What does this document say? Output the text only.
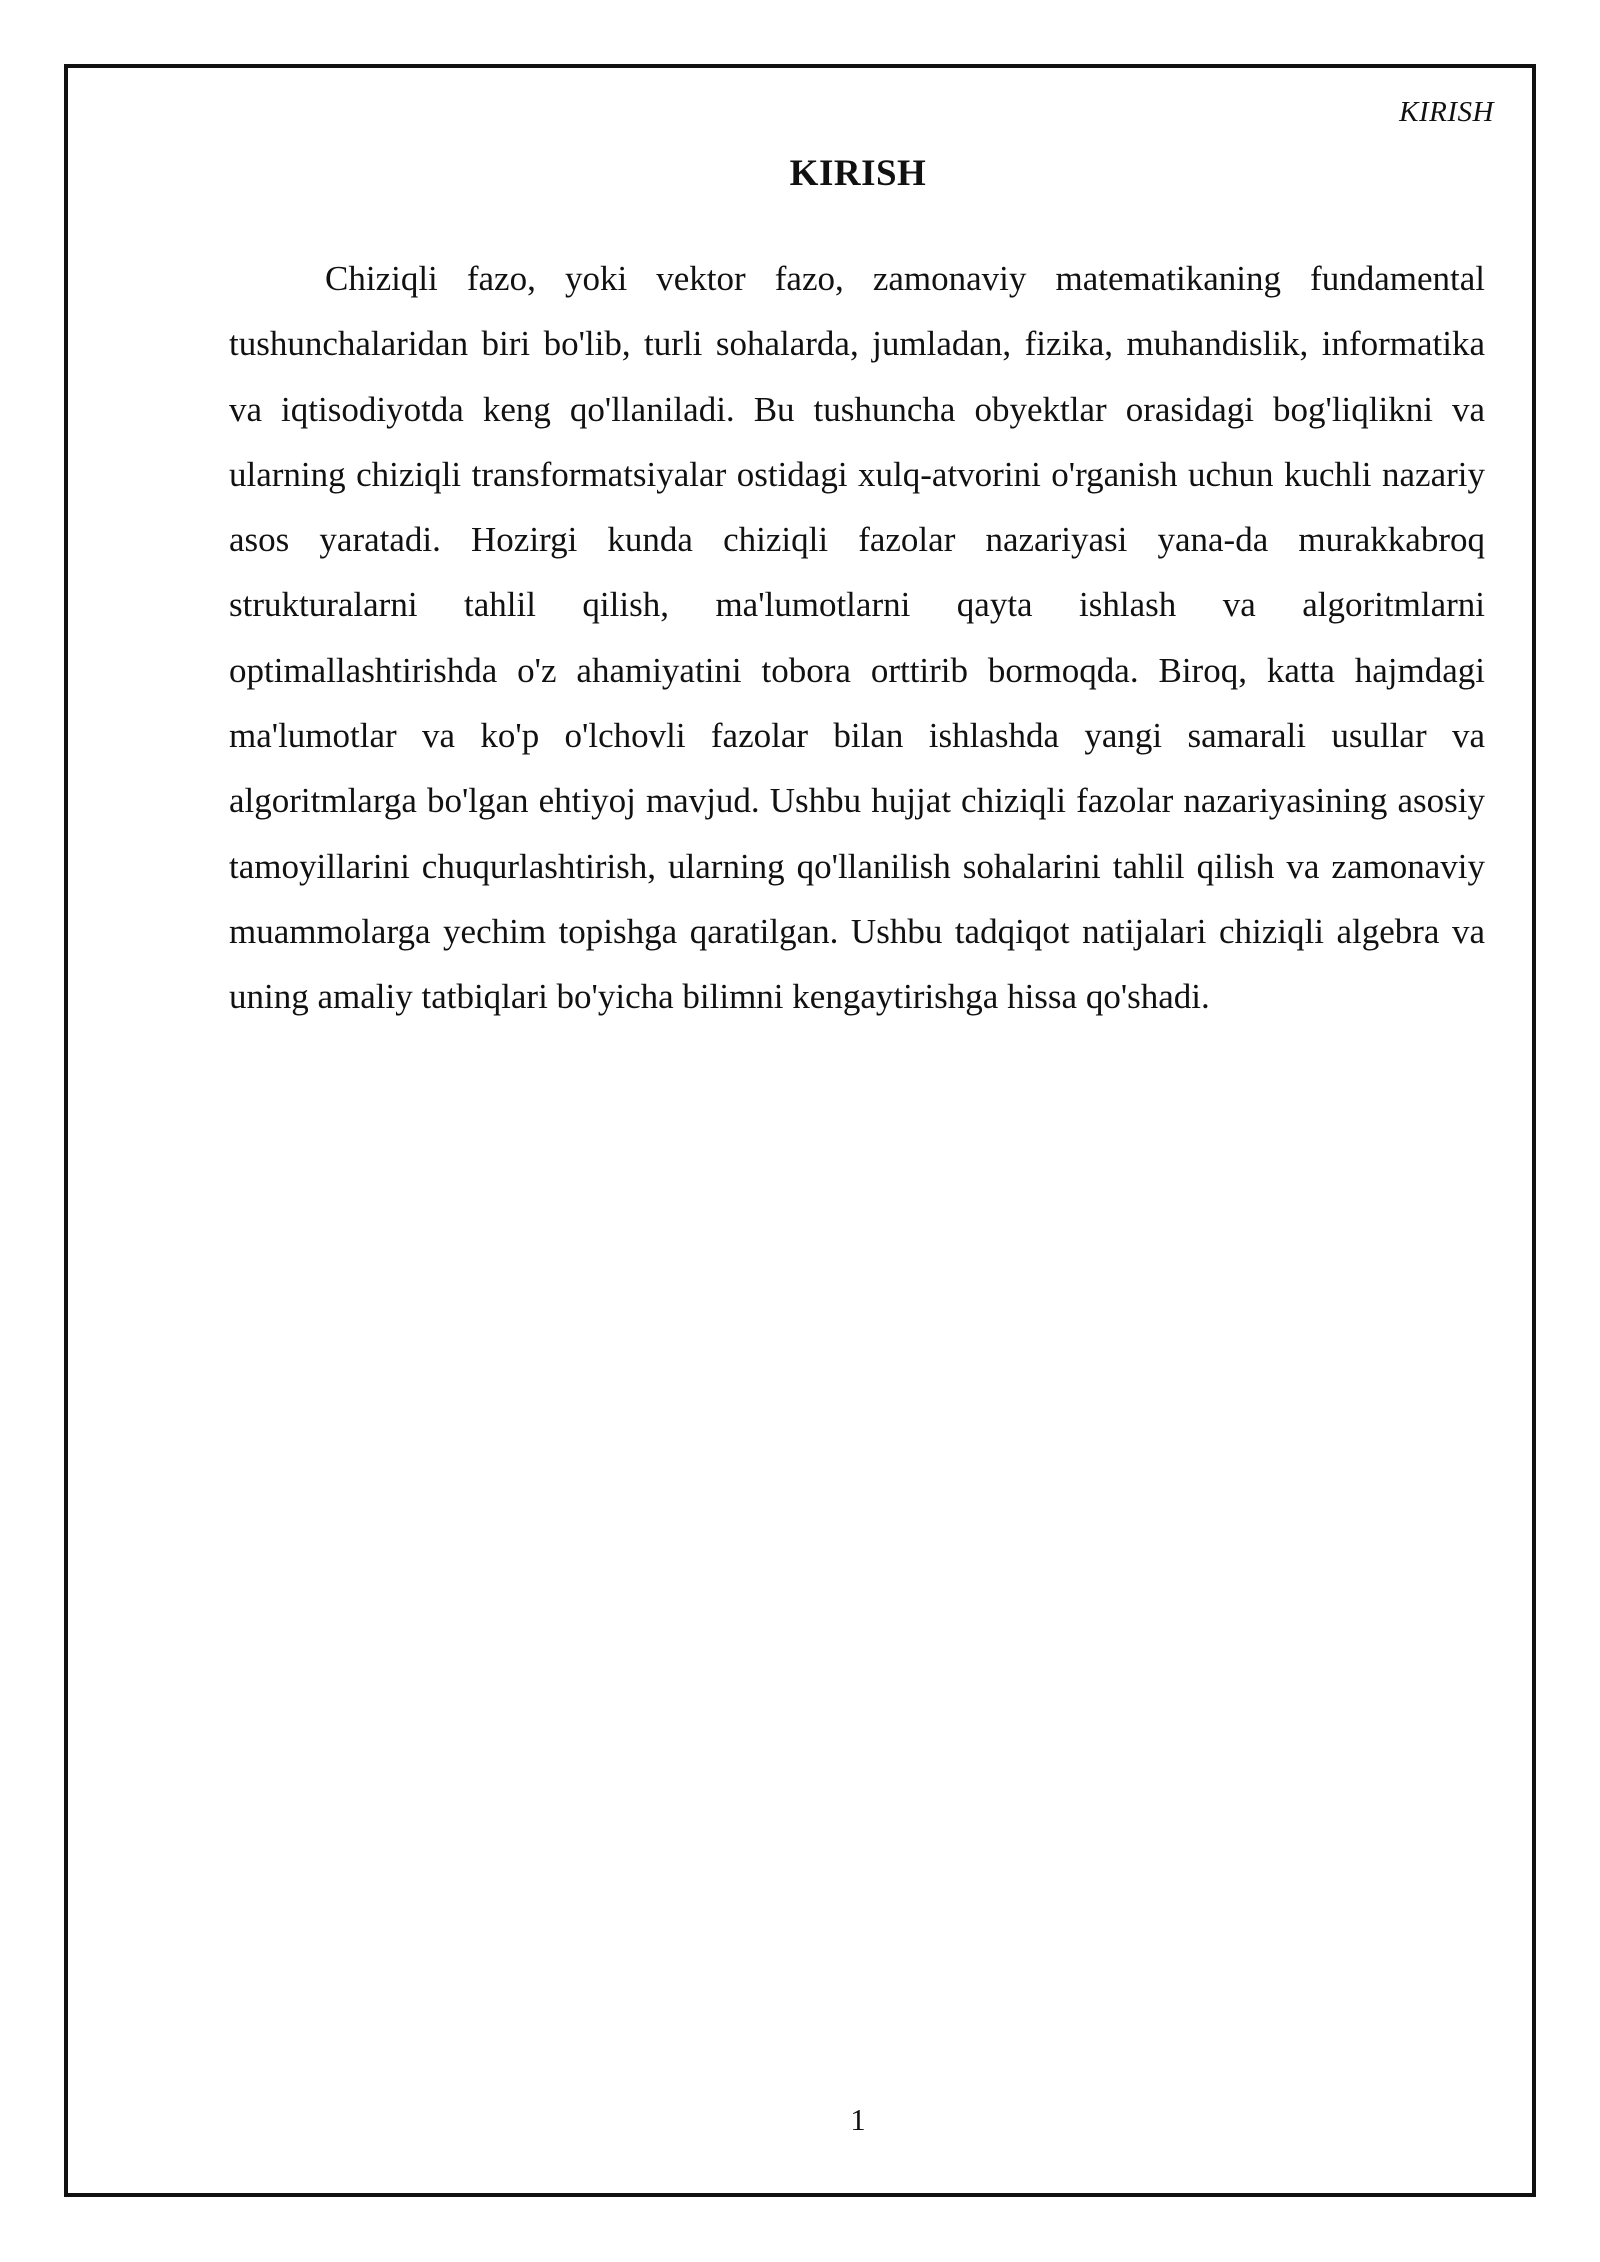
KIRISH
KIRISH

Chiziqli fazo, yoki vektor fazo, zamonaviy matematikaning fundamental tushunchalaridan biri bo'lib, turli sohalarda, jumladan, fizika, muhandislik, informatika va iqtisodiyotda keng qo'llaniladi. Bu tushuncha obyektlar orasidagi bog'liqlikni va ularning chiziqli transformatsiyalar ostidagi xulq-atvorini o'rganish uchun kuchli nazariy asos yaratadi. Hozirgi kunda chiziqli fazolar nazariyasi yana-da murakkabroq strukturalarni tahlil qilish, ma'lumotlarni qayta ishlash va algoritmlarni optimallashtirishda o'z ahamiyatini tobora orttirib bormoqda. Biroq, katta hajmdagi ma'lumotlar va ko'p o'lchovli fazolar bilan ishlashda yangi samarali usullar va algoritmlarga bo'lgan ehtiyoj mavjud. Ushbu hujjat chiziqli fazolar nazariyasining asosiy tamoyillarini chuqurlashtirish, ularning qo'llanilish sohalarini tahlil qilish va zamonaviy muammolarga yechim topishga qaratilgan. Ushbu tadqiqot natijalari chiziqli algebra va uning amaliy tatbiqlari bo'yicha bilimni kengaytirishga hissa qo'shadi.

1
